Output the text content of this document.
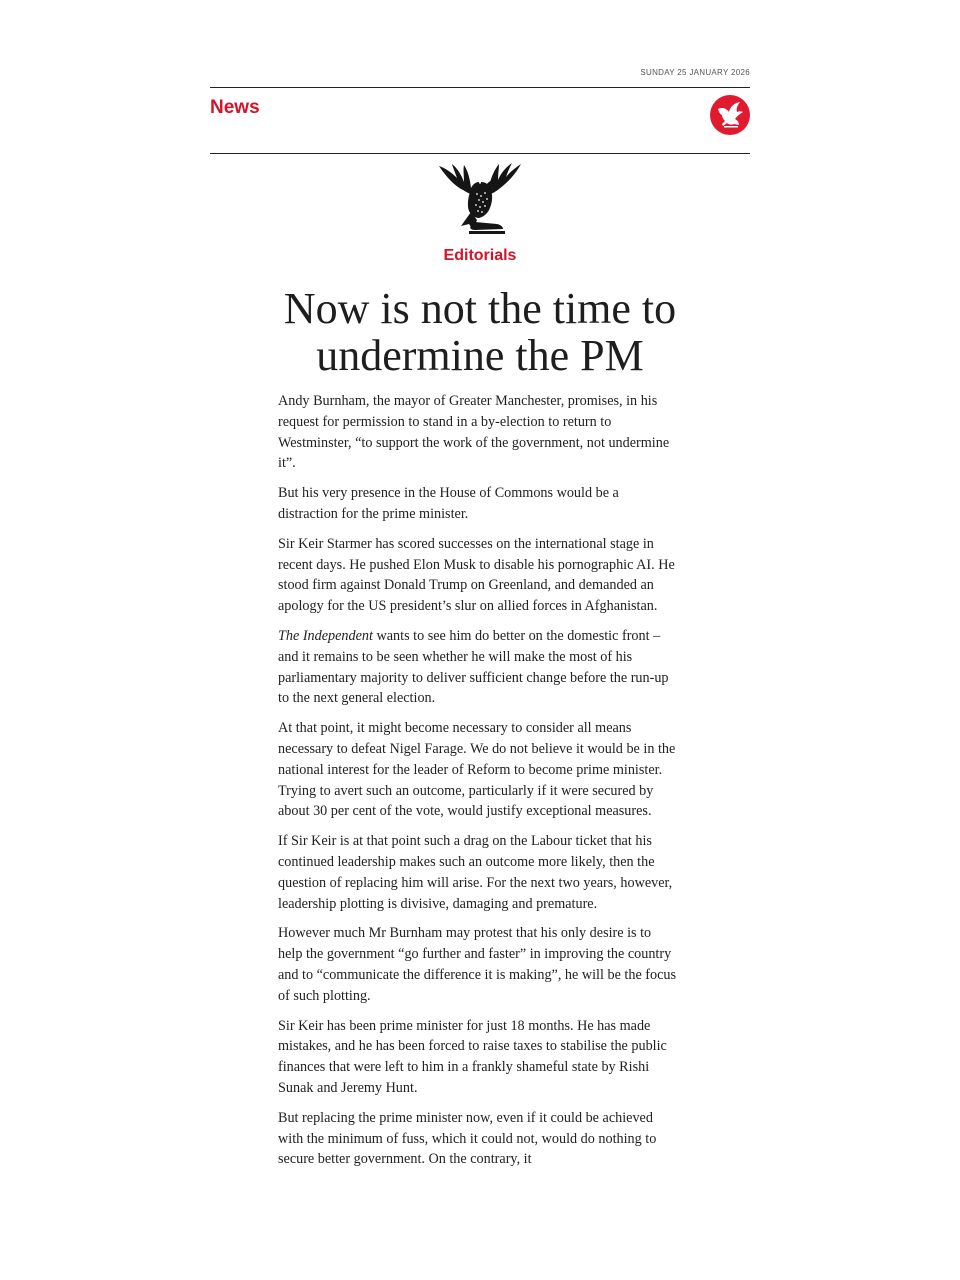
SUNDAY 25 JANUARY 2026
News
Editorials
Now is not the time to undermine the PM

Andy Burnham, the mayor of Greater Manchester, promises, in his request for permission to stand in a by-election to return to Westminster, “to support the work of the government, not undermine it”.

But his very presence in the House of Commons would be a distraction for the prime minister.

Sir Keir Starmer has scored successes on the international stage in recent days. He pushed Elon Musk to disable his pornographic AI. He stood firm against Donald Trump on Greenland, and demanded an apology for the US president’s slur on allied forces in Afghanistan.

The Independent wants to see him do better on the domestic front – and it remains to be seen whether he will make the most of his parliamentary majority to deliver sufficient change before the run-up to the next general election.

At that point, it might become necessary to consider all means necessary to defeat Nigel Farage. We do not believe it would be in the national interest for the leader of Reform to become prime minister. Trying to avert such an outcome, particularly if it were secured by about 30 per cent of the vote, would justify exceptional measures.

If Sir Keir is at that point such a drag on the Labour ticket that his continued leadership makes such an outcome more likely, then the question of replacing him will arise. For the next two years, however, leadership plotting is divisive, damaging and premature.

However much Mr Burnham may protest that his only desire is to help the government “go further and faster” in improving the country and to “communicate the difference it is making”, he will be the focus of such plotting.

Sir Keir has been prime minister for just 18 months. He has made mistakes, and he has been forced to raise taxes to stabilise the public finances that were left to him in a frankly shameful state by Rishi Sunak and Jeremy Hunt.

But replacing the prime minister now, even if it could be achieved with the minimum of fuss, which it could not, would do nothing to secure better government. On the contrary, it
